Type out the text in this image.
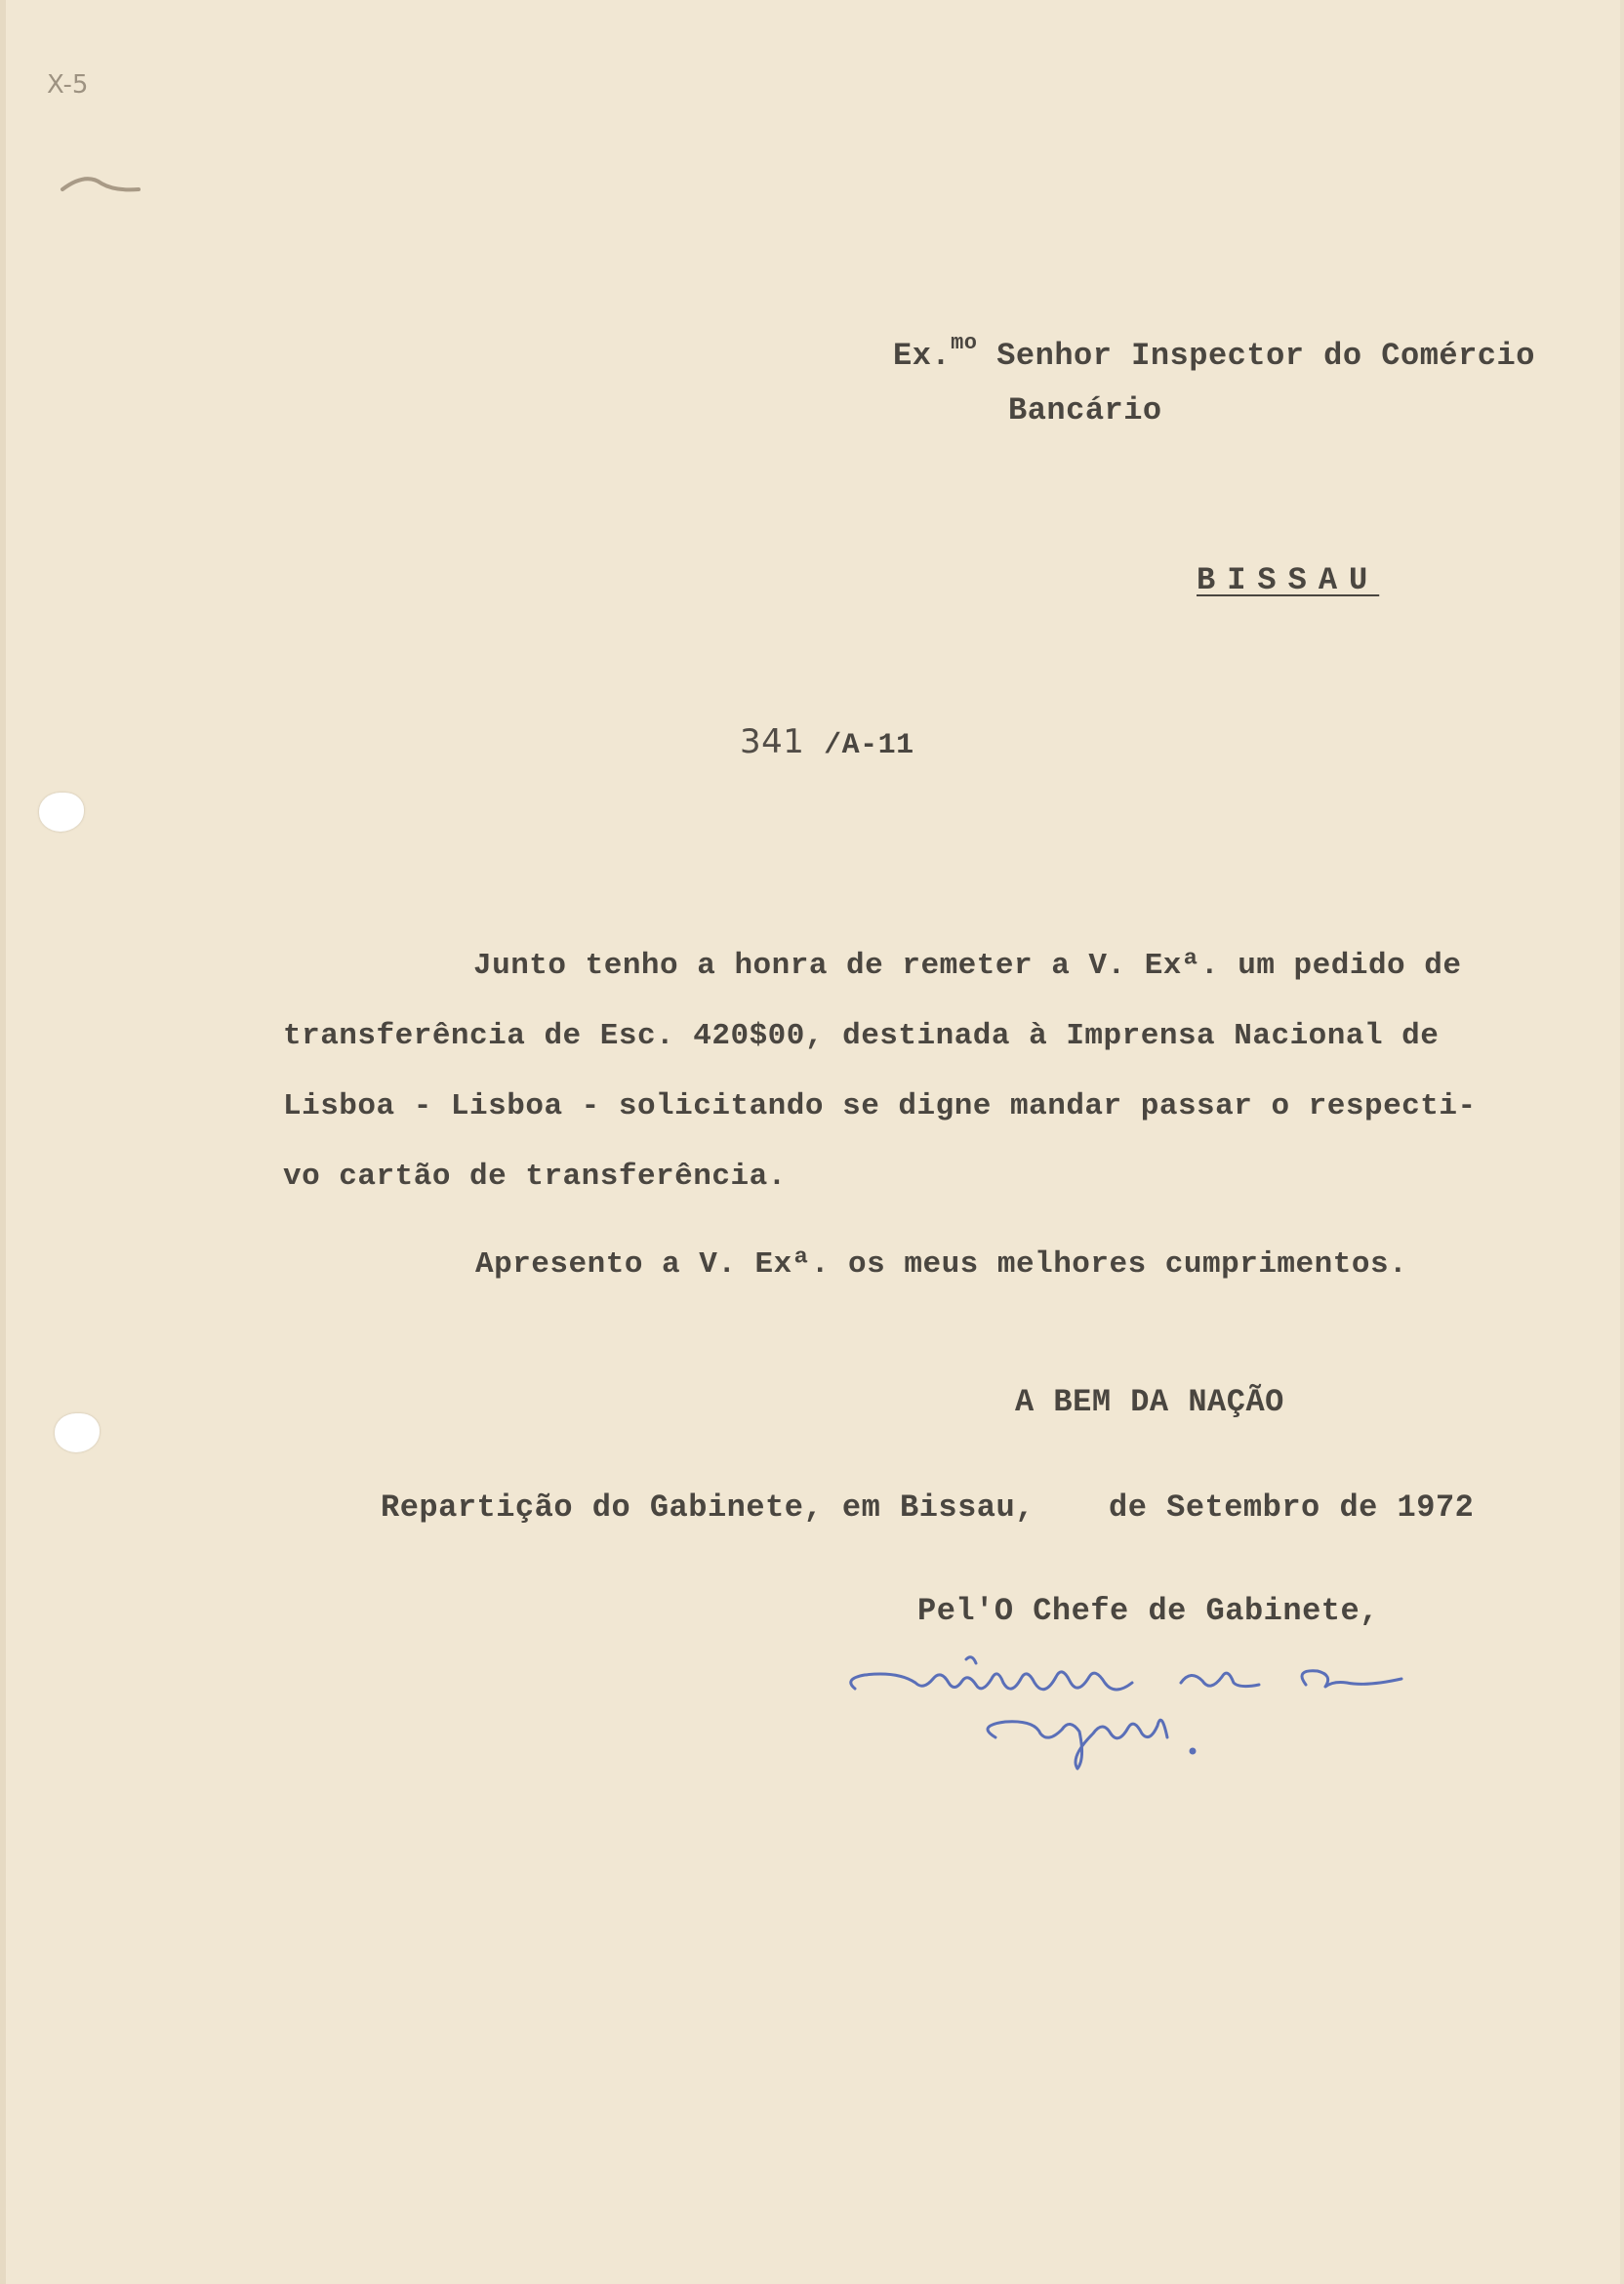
X-5

Ex.$^{mo}$ Senhor Inspector do Comércio

Bancário

BISSAU

341 /A-11

Junto tenho a honra de remeter a V. Exª. um pedido de

transferência de Esc. 420$00, destinada à Imprensa Nacional de

Lisboa - Lisboa - solicitando se digne mandar passar o respecti-

vo cartão de transferência.

Apresento a V. Exª. os meus melhores cumprimentos.

A BEM DA NAÇÃO

Repartição do Gabinete, em Bissau, de Setembro de 1972

Pel'O Chefe de Gabinete,
